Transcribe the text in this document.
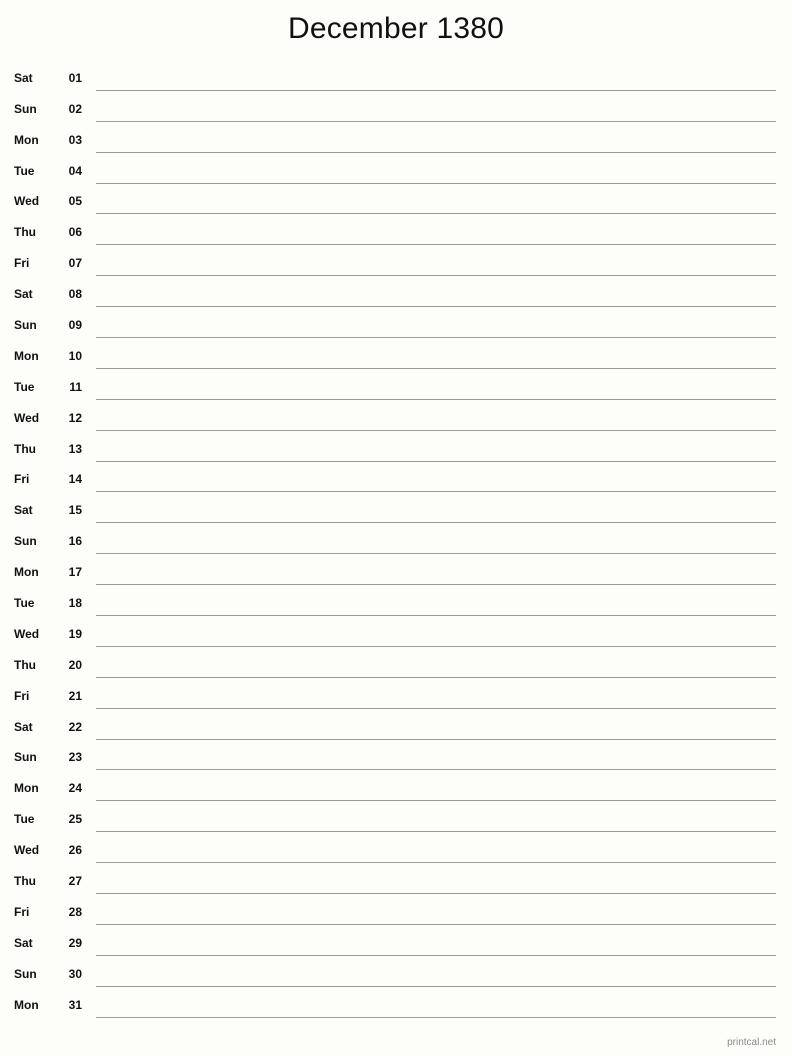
December 1380
Sat	01
Sun	02
Mon	03
Tue	04
Wed	05
Thu	06
Fri	07
Sat	08
Sun	09
Mon	10
Tue	11
Wed	12
Thu	13
Fri	14
Sat	15
Sun	16
Mon	17
Tue	18
Wed	19
Thu	20
Fri	21
Sat	22
Sun	23
Mon	24
Tue	25
Wed	26
Thu	27
Fri	28
Sat	29
Sun	30
Mon	31
printcal.net
